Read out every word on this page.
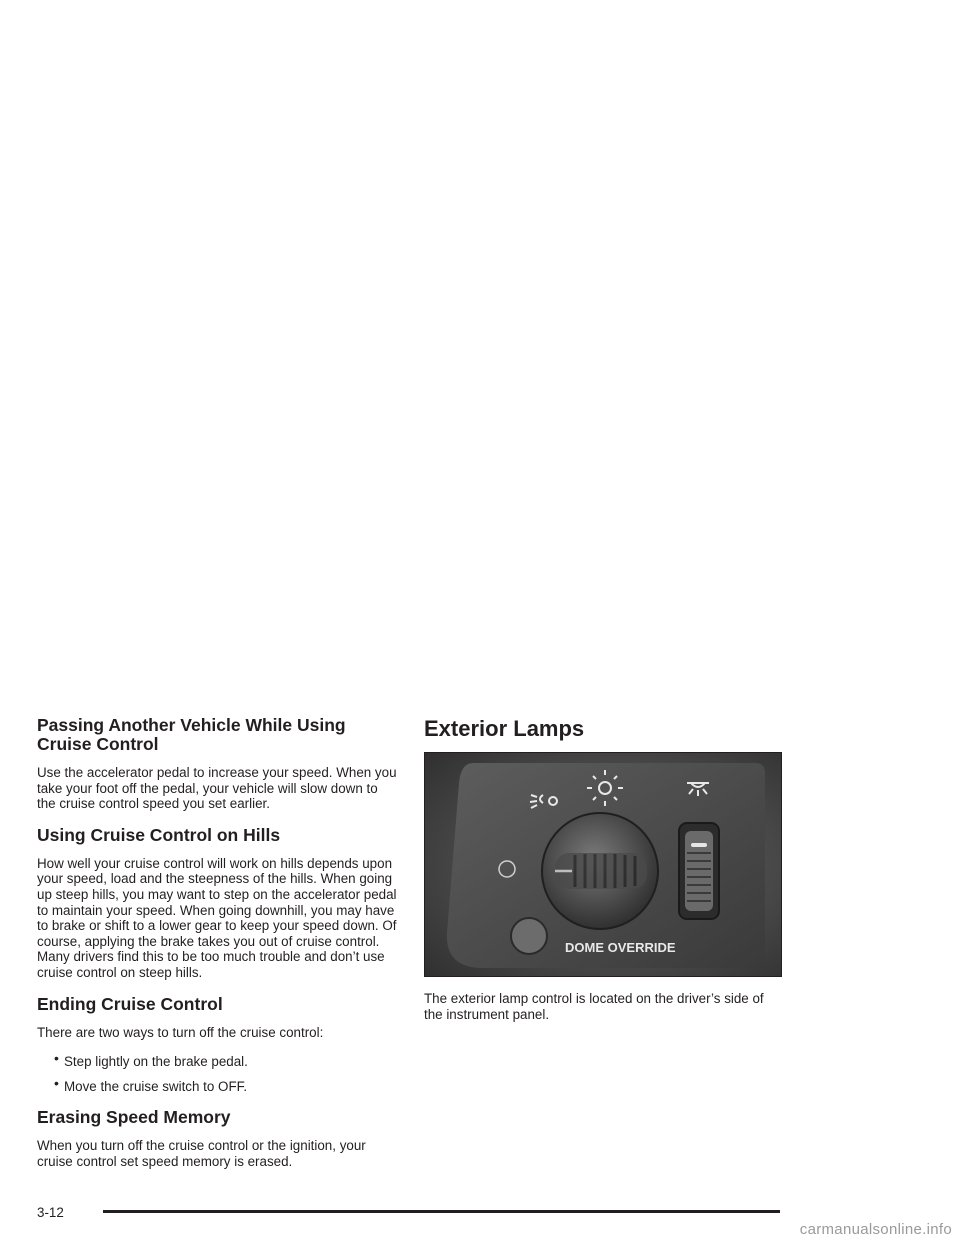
Passing Another Vehicle While Using Cruise Control

Use the accelerator pedal to increase your speed. When you take your foot off the pedal, your vehicle will slow down to the cruise control speed you set earlier.

Using Cruise Control on Hills

How well your cruise control will work on hills depends upon your speed, load and the steepness of the hills. When going up steep hills, you may want to step on the accelerator pedal to maintain your speed. When going downhill, you may have to brake or shift to a lower gear to keep your speed down. Of course, applying the brake takes you out of cruise control. Many drivers find this to be too much trouble and don’t use cruise control on steep hills.

Ending Cruise Control

There are two ways to turn off the cruise control:

• Step lightly on the brake pedal.
• Move the cruise switch to OFF.
Erasing Speed Memory

When you turn off the cruise control or the ignition, your cruise control set speed memory is erased.

Exterior Lamps
DOME OVERRIDE

The exterior lamp control is located on the driver’s side of the instrument panel.

3-12
carmanualsonline.info
